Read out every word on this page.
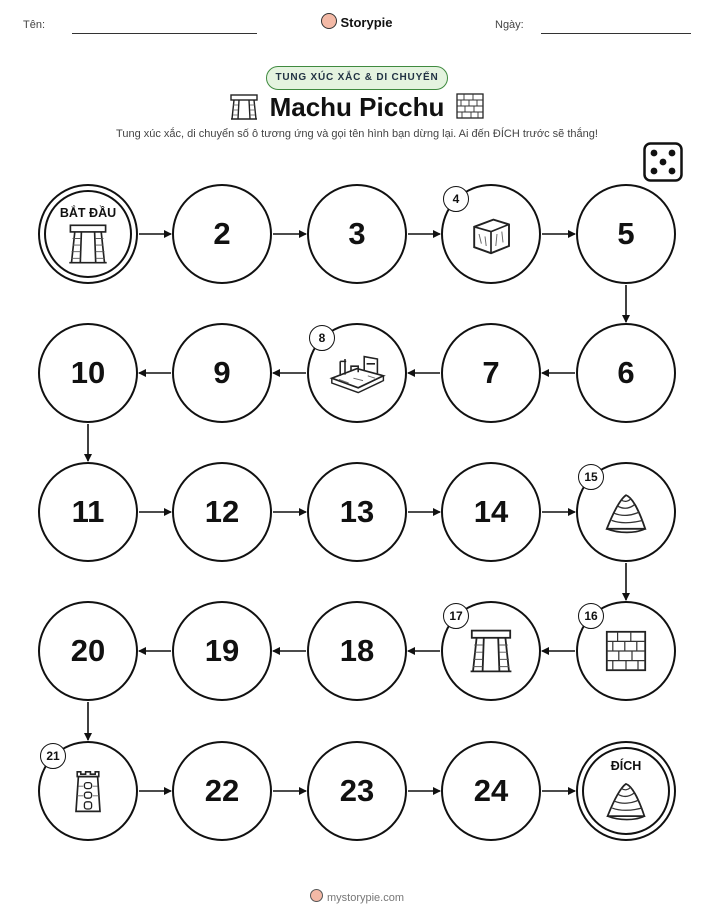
Tên:	Storypie	Ngày:
TUNG XÚC XẮC & DI CHUYỂN
Machu Picchu
Tung xúc xắc, di chuyển số ô tương ứng và gọi tên hình bạn dừng lại. Ai đến ĐÍCH trước sẽ thắng!
BẮT ĐẦU
2	3
4
5
6
7
8
9
10
11	12	13	14
15
16
17
18
19
20
21
22	23	24
ĐÍCH
mystorypie.com
